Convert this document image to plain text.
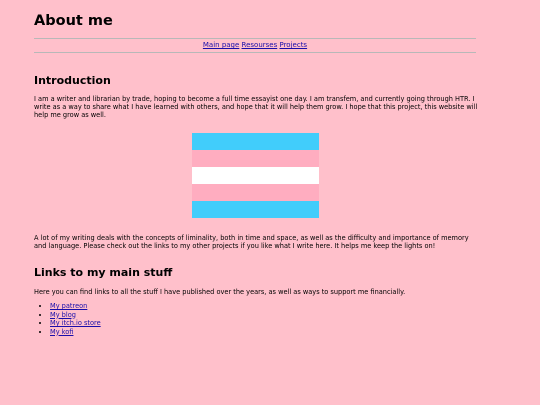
About me
Main page Resourses Projects
Introduction

I am a writer and librarian by trade, hoping to become a full time essayist one day. I am transfem, and currently going through HTR. I write as a way to share what I have learned with others, and hope that it will help them grow. I hope that this project, this website will help me grow as well.

A lot of my writing deals with the concepts of liminality, both in time and space, as well as the difficulty and importance of memory and language. Please check out the links to my other projects if you like what I write here. It helps me keep the lights on!

Links to my main stuff

Here you can find links to all the stuff I have published over the years, as well as ways to support me financially.

• My patreon
• My blog
• My itch.io store
• My kofi
